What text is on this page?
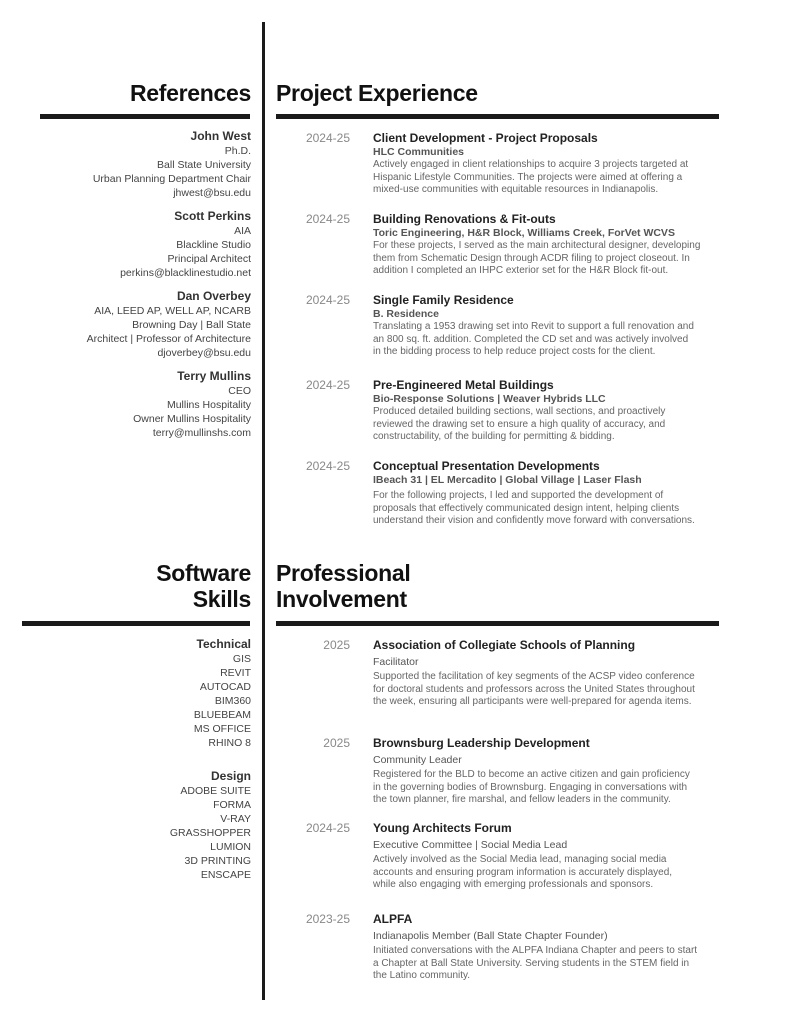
References Project Experience
Software
Skills
Professional
Involvement
John West
Ph.D.
Ball State University
Urban Planning Department Chair
jhwest@bsu.edu
Scott Perkins
AIA
Blackline Studio
Principal Architect
perkins@blacklinestudio.net
Dan Overbey
AIA, LEED AP, WELL AP, NCARB
Browning Day | Ball State
Architect | Professor of Architecture
djoverbey@bsu.edu
Terry Mullins
CEO
Mullins Hospitality
Owner Mullins Hospitality
terry@mullinshs.com
Technical
GIS
REVIT
AUTOCAD
BIM360
BLUEBEAM
MS OFFICE
RHINO 8
Design
ADOBE SUITE
FORMA
V-RAY
GRASSHOPPER
LUMION
3D PRINTING
ENSCAPE
2024-25 Client Development - Project Proposals
HLC Communities
Actively engaged in client relationships to acquire 3 projects targeted at
Hispanic Lifestyle Communities. The projects were aimed at offering a
mixed-use communities with equitable resources in Indianapolis.
2024-25 Building Renovations & Fit-outs
Toric Engineering, H&R Block, Williams Creek, ForVet WCVS
For these projects, I served as the main architectural designer, developing
them from Schematic Design through ACDR filing to project closeout. In
addition I completed an IHPC exterior set for the H&R Block fit-out.
2024-25 Single Family Residence
B. Residence
Translating a 1953 drawing set into Revit to support a full renovation and
an 800 sq. ft. addition. Completed the CD set and was actively involved
in the bidding process to help reduce project costs for the client.
2024-25 Pre-Engineered Metal Buildings
Bio-Response Solutions | Weaver Hybrids LLC
Produced detailed building sections, wall sections, and proactively
reviewed the drawing set to ensure a high quality of accuracy, and
constructability, of the building for permitting & bidding.
2024-25 Conceptual Presentation Developments
IBeach 31 | EL Mercadito | Global Village | Laser Flash
For the following projects, I led and supported the development of
proposals that effectively communicated design intent, helping clients
understand their vision and confidently move forward with conversations.
2025 Association of Collegiate Schools of Planning
Facilitator
Supported the facilitation of key segments of the ACSP video conference
for doctoral students and professors across the United States throughout
the week, ensuring all participants were well-prepared for agenda items.
2025 Brownsburg Leadership Development
Community Leader
Registered for the BLD to become an active citizen and gain proficiency
in the governing bodies of Brownsburg. Engaging in conversations with
the town planner, fire marshal, and fellow leaders in the community.
2024-25 Young Architects Forum
Executive Committee | Social Media Lead
Actively involved as the Social Media lead, managing social media
accounts and ensuring program information is accurately displayed,
while also engaging with emerging professionals and sponsors.
2023-25 ALPFA
Indianapolis Member (Ball State Chapter Founder)
Initiated conversations with the ALPFA Indiana Chapter and peers to start
a Chapter at Ball State University. Serving students in the STEM field in
the Latino community.
